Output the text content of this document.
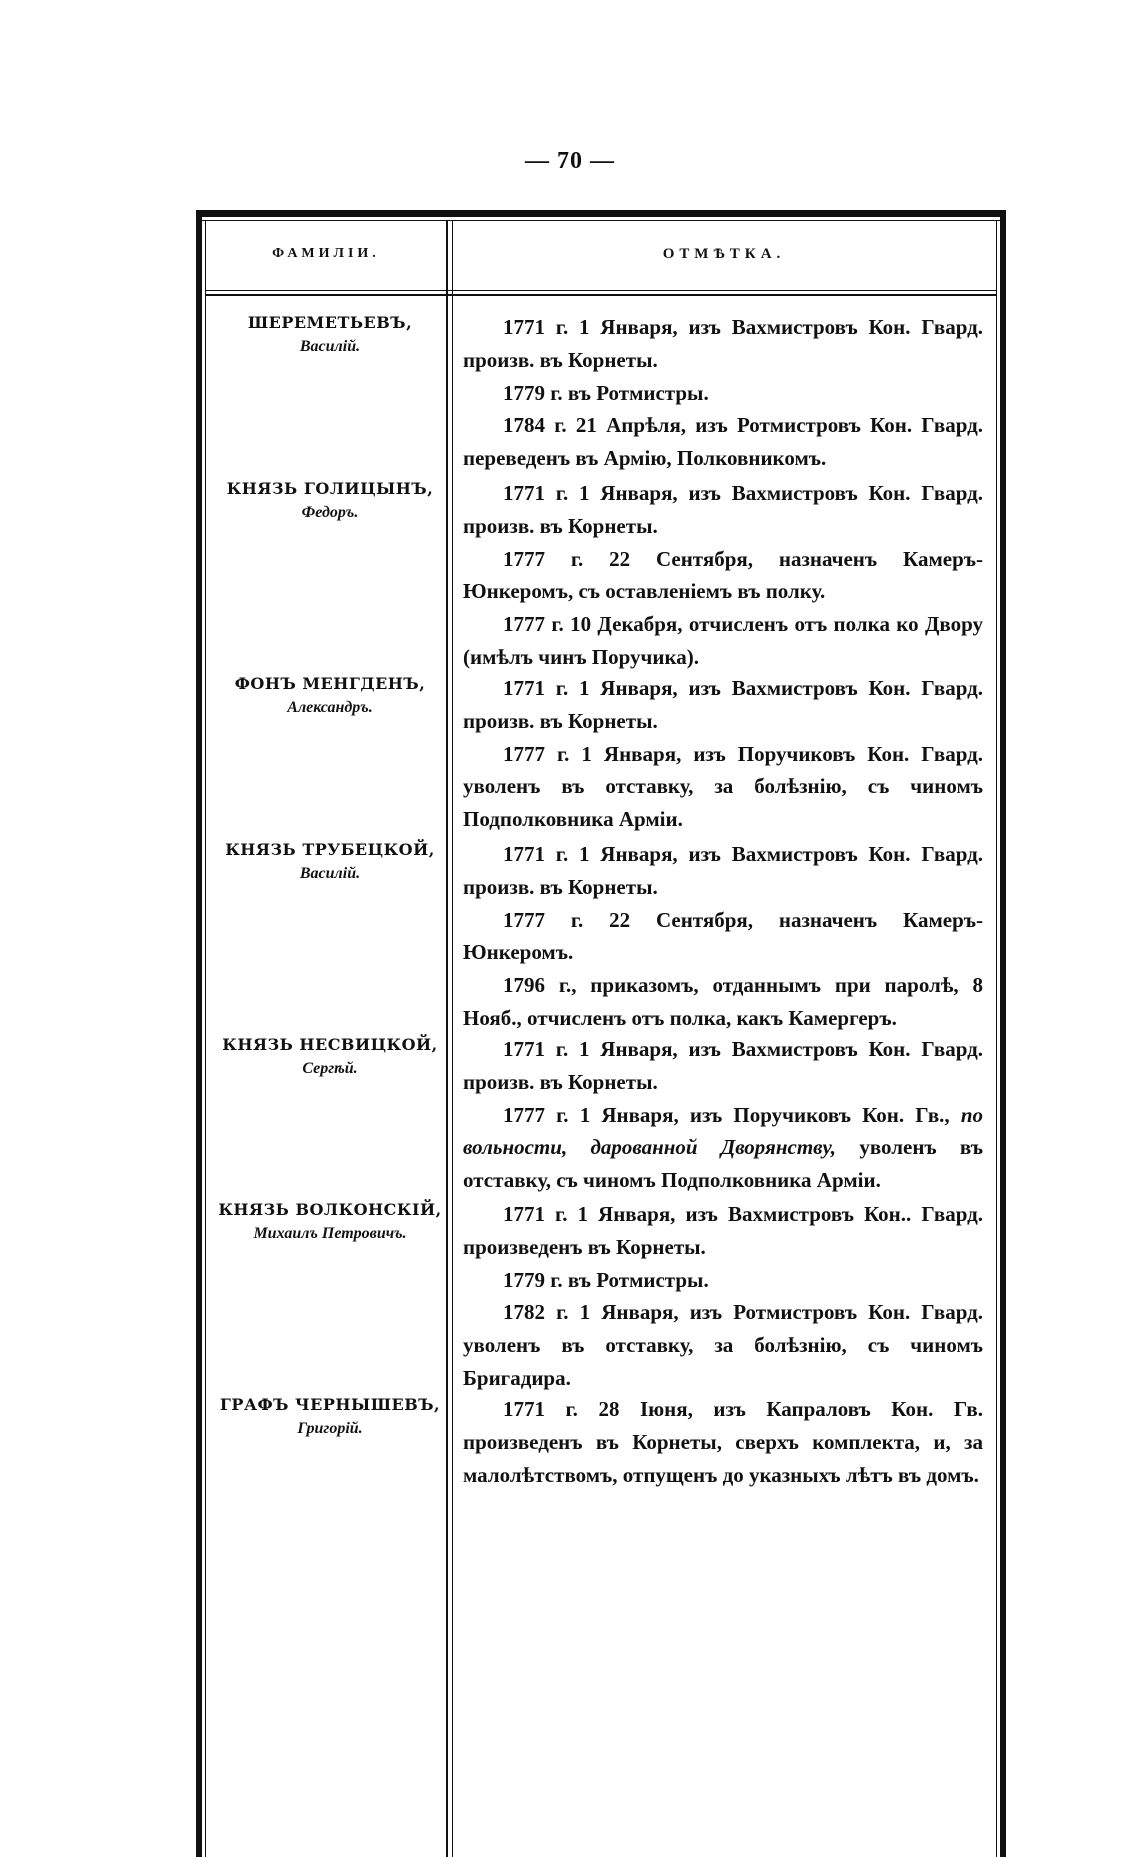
— 70 —
ФАМИЛІИ.	ОТМѢТКА.
ШЕРЕМЕТЬЕВЪ,
Василій.

1771 г. 1 Января, изъ Вахмистровъ Кон. Гвард. произв. въ Корнеты.

1779 г. въ Ротмистры.

1784 г. 21 Апрѣля, изъ Ротмистровъ Кон. Гвард. переведенъ въ Армію, Полковникомъ.

КНЯЗЬ ГОЛИЦЫНЪ,
Федоръ.

1771 г. 1 Января, изъ Вахмистровъ Кон. Гвард. произв. въ Корнеты.

1777 г. 22 Сентября, назначенъ Камеръ-Юнкеромъ, съ оставленіемъ въ полку.

1777 г. 10 Декабря, отчисленъ отъ полка ко Двору (имѣлъ чинъ Поручика).

ФОНЪ МЕНГДЕНЪ,
Александръ.

1771 г. 1 Января, изъ Вахмистровъ Кон. Гвард. произв. въ Корнеты.

1777 г. 1 Января, изъ Поручиковъ Кон. Гвард. уволенъ въ отставку, за болѣзнію, съ чиномъ Подполковника Арміи.

КНЯЗЬ ТРУБЕЦКОЙ,
Василій.

1771 г. 1 Января, изъ Вахмистровъ Кон. Гвард. произв. въ Корнеты.

1777 г. 22 Сентября, назначенъ Камеръ-Юнкеромъ.

1796 г., приказомъ, отданнымъ при паролѣ, 8 Нояб., отчисленъ отъ полка, какъ Камергеръ.

КНЯЗЬ НЕСВИЦКОЙ,
Сергѣй.

1771 г. 1 Января, изъ Вахмистровъ Кон. Гвард. произв. въ Корнеты.

1777 г. 1 Января, изъ Поручиковъ Кон. Гв., по вольности, дарованной Дворянству, уволенъ въ отставку, съ чиномъ Подполковника Арміи.

КНЯЗЬ ВОЛКОНСКІЙ,
Михаилъ Петровичъ.

1771 г. 1 Января, изъ Вахмистровъ Кон.. Гвард. произведенъ въ Корнеты.

1779 г. въ Ротмистры.

1782 г. 1 Января, изъ Ротмистровъ Кон. Гвард. уволенъ въ отставку, за болѣзнію, съ чиномъ Бригадира.

ГРАФЪ ЧЕРНЫШЕВЪ,
Григорій.

1771 г. 28 Іюня, изъ Капраловъ Кон. Гв. произведенъ въ Корнеты, сверхъ комплекта, и, за малолѣтствомъ, отпущенъ до указныхъ лѣтъ въ домъ.
